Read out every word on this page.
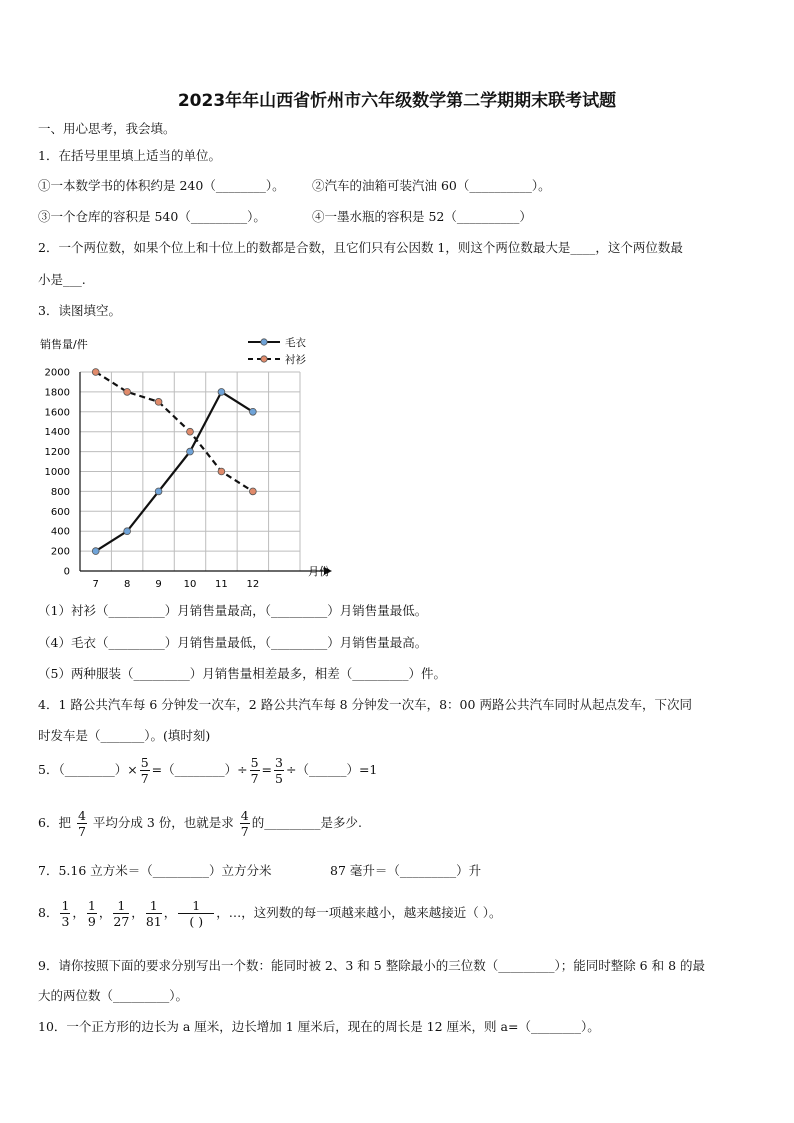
2023年年山西省忻州市六年级数学第二学期期末联考试题
一、用心思考，我会填。
1．在括号里里填上适当的单位。
①一本数学书的体积约是 240（________）。 ②汽车的油箱可装汽油 60（__________）。
③一个仓库的容积是 540（_________）。	④一墨水瓶的容积是 52（__________）
2．一个两位数，如果个位上和十位上的数都是合数，且它们只有公因数 1，则这个两位数最大是____，这个两位数最
小是___.
3．读图填空。
0
200
400
600
800
1000
1200
1400
1600
1800
2000
7	8	9 10 11 12
毛衣
衬衫
销售量/件
月份
（1）衬衫（_________）月销售量最高，（_________）月销售量最低。
（4）毛衣（_________）月销售量最低，（_________）月销售量最高。
（5）两种服装（_________）月销售量相差最多，相差（_________）件。
4．1 路公共汽车每 6 分钟发一次车，2 路公共汽车每 8 分钟发一次车，8：00 两路公共汽车同时从起点发车，下次同
时发车是（_______）。(填时刻)
5．（________）× $\frac{5}{7}$ =（________）÷ $\frac{5}{7} = \frac{3}{5}$ ÷（______）=1
6．把 $\frac{4}{7}$ 平均分成 3 份，也就是求 $\frac{4}{7}$ 的_________是多少.
7．5.16 立方米＝（_________）立方分米	87 毫升＝（_________）升
8． $\frac{1}{3}$ ， $\frac{1}{9}$ ， $\frac{1}{27}$ ， $\frac{1}{81}$ ， $\frac{1}{( )}$ ，…，这列数的每一项越来越小，越来越接近（ ）。
9．请你按照下面的要求分别写出一个数：能同时被 2、3 和 5 整除最小的三位数（_________）；能同时整除 6 和 8 的最
大的两位数（_________）。
10．一个正方形的边长为 a 厘米，边长增加 1 厘米后，现在的周长是 12 厘米，则 a=（________）。
